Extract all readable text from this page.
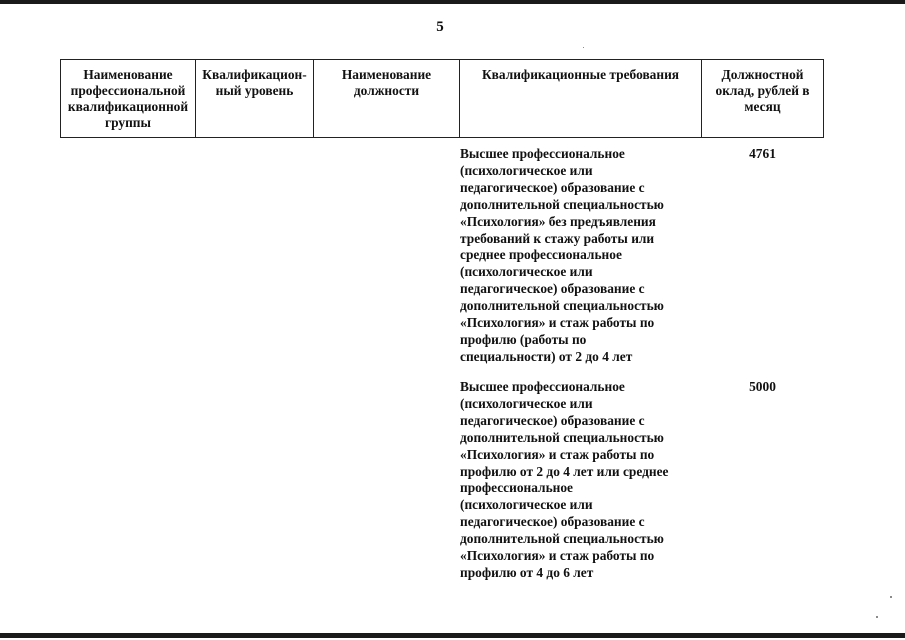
5
Наименование
профессиональной
квалификационной
группы
Квалификацион-
ный уровень
Наименование
должности
Квалификационные требования	Должностной
оклад, рублей в
месяц
Высшее профессиональное
(психологическое или
педагогическое) образование с
дополнительной специальностью
«Психология» без предъявления
требований к стажу работы или
среднее профессиональное
(психологическое или
педагогическое) образование с
дополнительной специальностью
«Психология» и стаж работы по
профилю (работы по
специальности) от 2 до 4 лет
4761
Высшее профессиональное
(психологическое или
педагогическое) образование с
дополнительной специальностью
«Психология» и стаж работы по
профилю от 2 до 4 лет или среднее
профессиональное
(психологическое или
педагогическое) образование с
дополнительной специальностью
«Психология» и стаж работы по
профилю от 4 до 6 лет
5000
